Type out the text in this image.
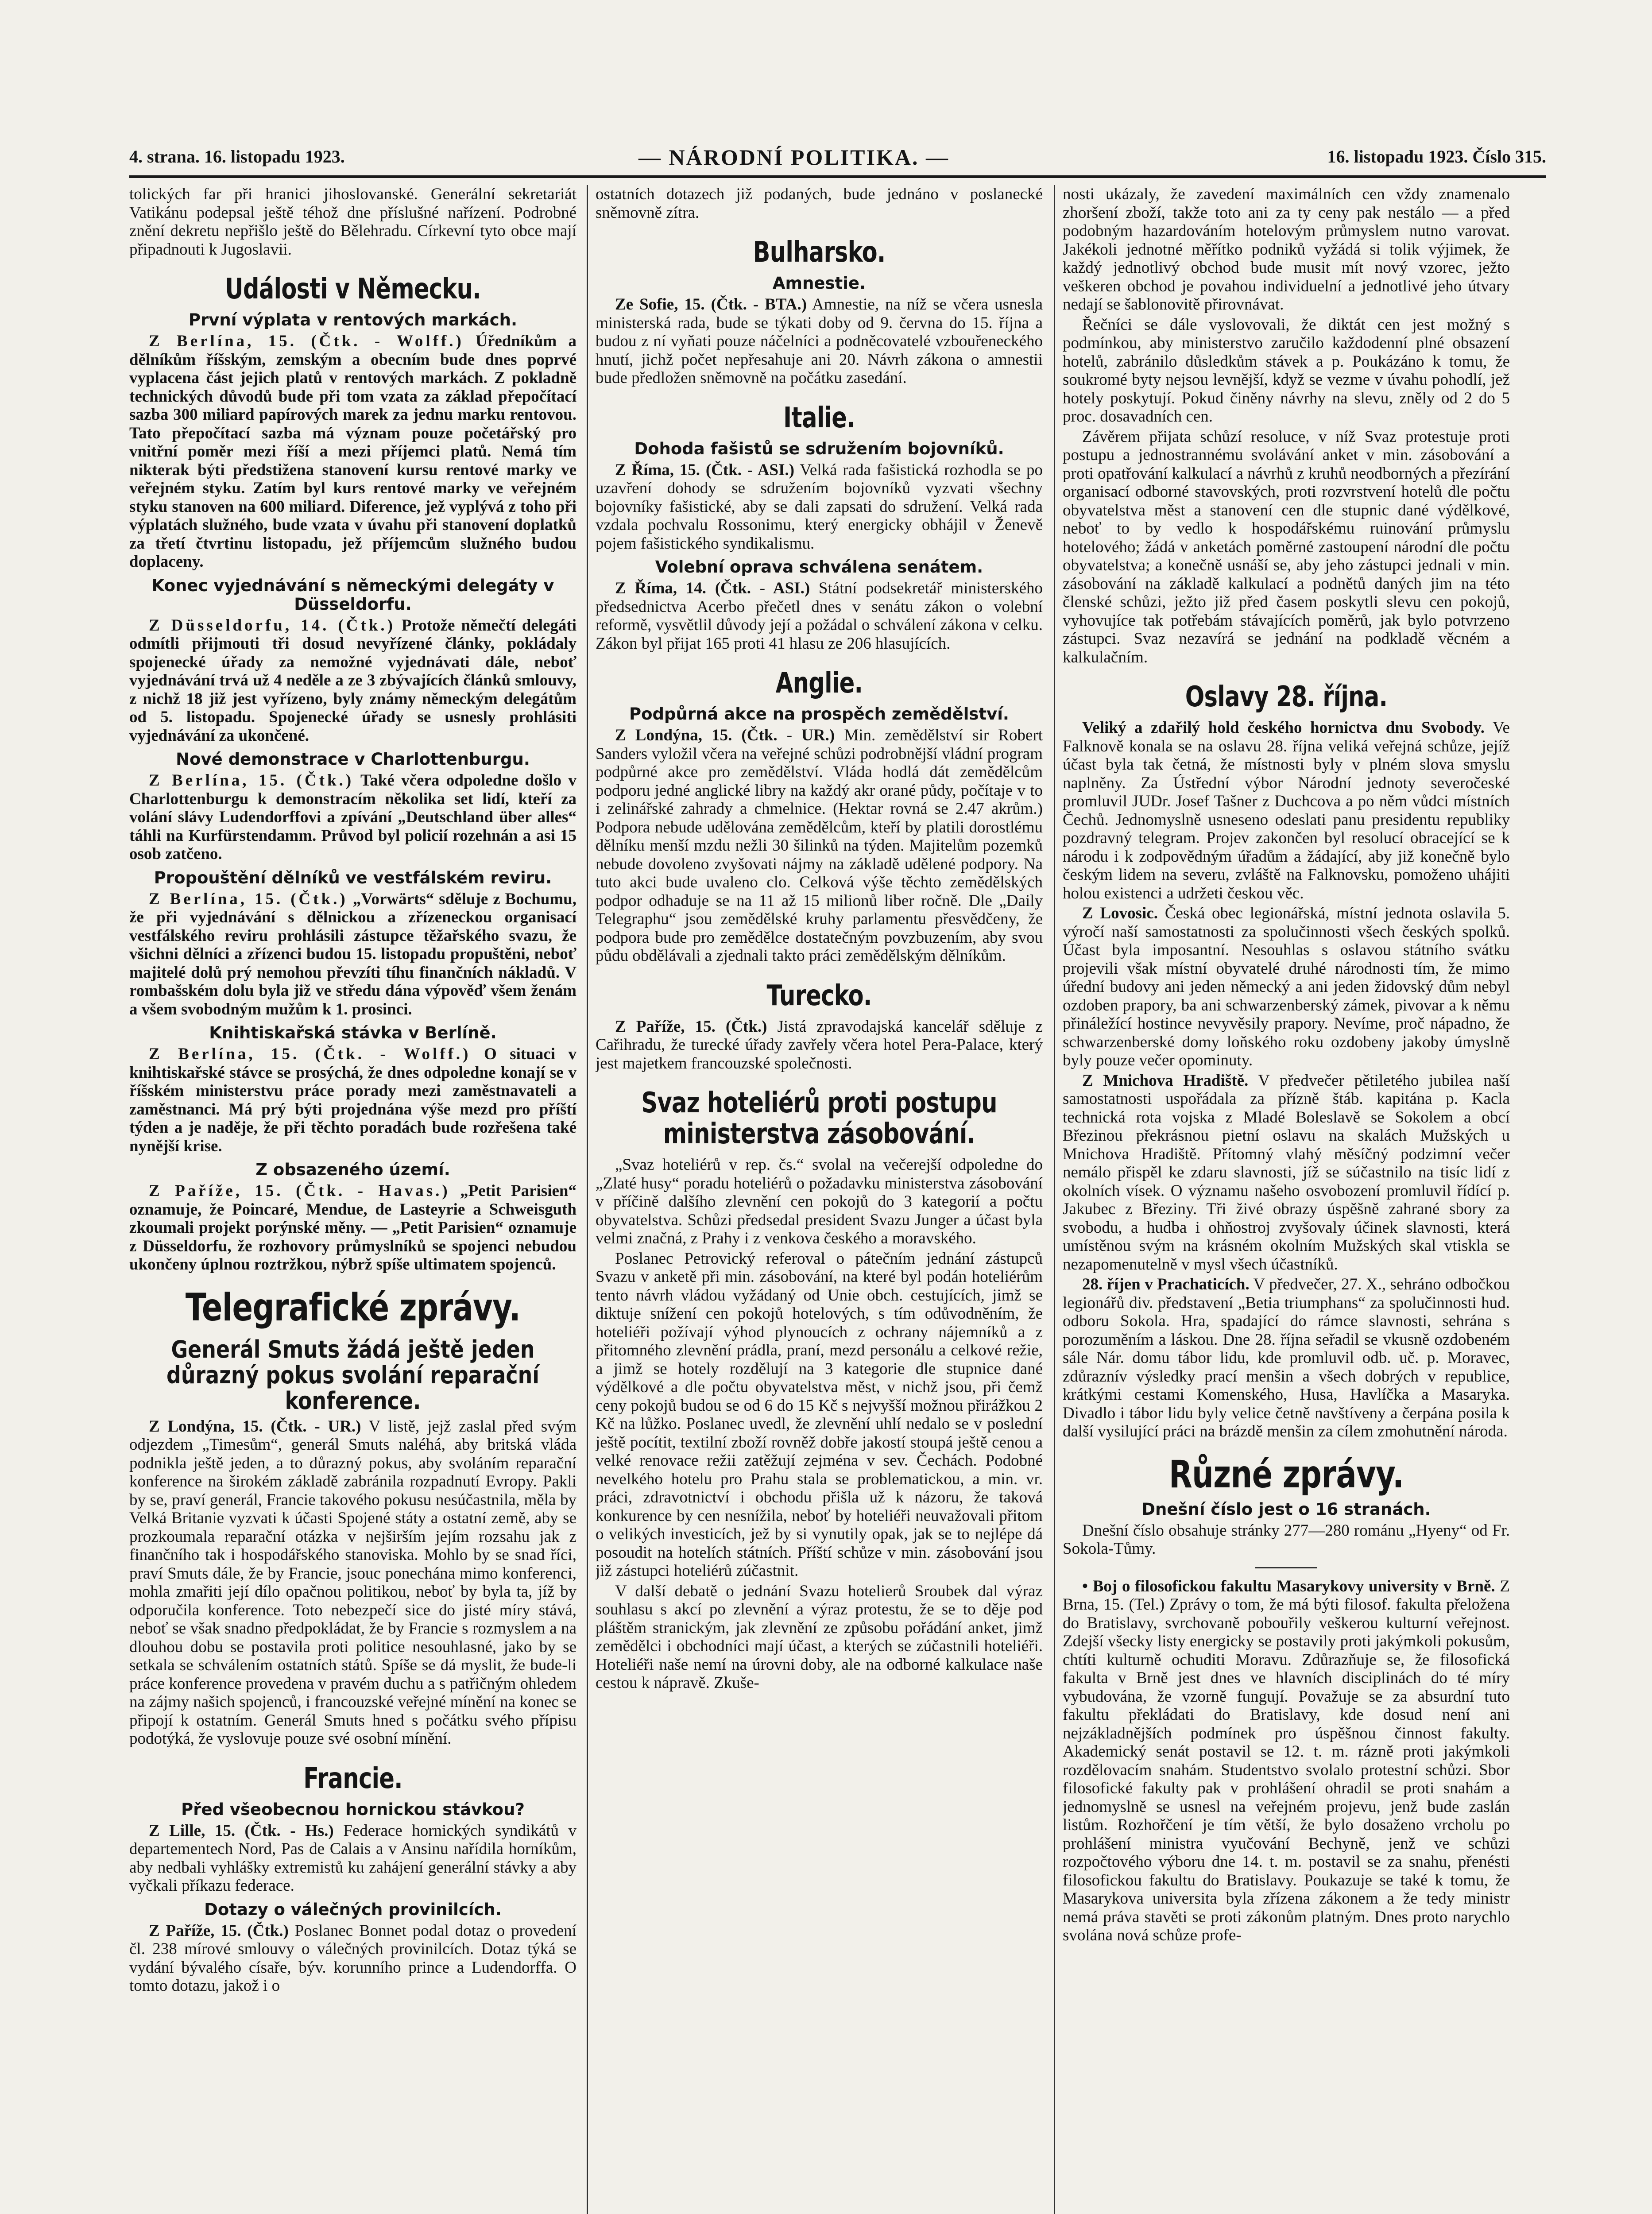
4. strana. 16. listopadu 1923.	— NÁRODNÍ POLITIKA. —	16. listopadu 1923. Číslo 315.

tolických far při hranici jihoslovanské. Generální sekretariát Vatikánu podepsal ještě téhož dne příslušné nařízení. Podrobné znění dekretu nepřišlo ještě do Bělehradu. Církevní tyto obce mají připadnouti k Jugoslavii.

Události v Německu.
První výplata v rentových markách.

Z Berlína, 15. (Čtk. - Wolff.) Úředníkům a dělníkům říšským, zemským a obecním bude dnes poprvé vyplacena část jejich platů v rentových markách. Z pokladně technických důvodů bude při tom vzata za základ přepočítací sazba 300 miliard papírových marek za jednu marku rentovou. Tato přepočítací sazba má význam pouze početářský pro vnitřní poměr mezi říší a mezi příjemci platů. Nemá tím nikterak býti předstižena stanovení kursu rentové marky ve veřejném styku. Zatím byl kurs rentové marky ve veřejném styku stanoven na 600 miliard. Diference, jež vyplývá z toho při výplatách služného, bude vzata v úvahu při stanovení doplatků za třetí čtvrtinu listopadu, jež příjemcům služného budou doplaceny.

Konec vyjednávání s německými delegáty v Düsseldorfu.

Z Düsseldorfu, 14. (Čtk.) Protože němečtí delegáti odmítli přijmouti tři dosud nevyřízené články, pokládaly spojenecké úřady za nemožné vyjednávati dále, neboť vyjednávání trvá už 4 neděle a ze 3 zbývajících článků smlouvy, z nichž 18 již jest vyřízeno, byly známy německým delegátům od 5. listopadu. Spojenecké úřady se usnesly prohlásiti vyjednávání za ukončené.

Nové demonstrace v Charlottenburgu.

Z Berlína, 15. (Čtk.) Také včera odpoledne došlo v Charlottenburgu k demonstracím několika set lidí, kteří za volání slávy Ludendorffovi a zpívání „Deutschland über alles“ táhli na Kurfürstendamm. Průvod byl policií rozehnán a asi 15 osob zatčeno.

Propouštění dělníků ve vestfálském reviru.

Z Berlína, 15. (Čtk.) „Vorwärts“ sděluje z Bochumu, že při vyjednávání s dělnickou a zřízeneckou organisací vestfálského reviru prohlásili zástupce těžařského svazu, že všichni dělníci a zřízenci budou 15. listopadu propuštěni, neboť majitelé dolů prý nemohou převzíti tíhu finančních nákladů. V rombašském dolu byla již ve středu dána výpověď všem ženám a všem svobodným mužům k 1. prosinci.

Knihtiskařská stávka v Berlíně.

Z Berlína, 15. (Čtk. - Wolff.) O situaci v knihtiskařské stávce se prosýchá, že dnes odpoledne konají se v říšském ministerstvu práce porady mezi zaměstnavateli a zaměstnanci. Má prý býti projednána výše mezd pro příští týden a je naděje, že při těchto poradách bude rozřešena také nynější krise.

Z obsazeného území.

Z Paříže, 15. (Čtk. - Havas.) „Petit Parisien“ oznamuje, že Poincaré, Mendue, de Lasteyrie a Schweisguth zkoumali projekt porýnské měny. — „Petit Parisien“ oznamuje z Düsseldorfu, že rozhovory průmyslníků se spojenci nebudou ukončeny úplnou roztržkou, nýbrž spíše ultimatem spojenců.

Telegrafické zprávy.
Generál Smuts žádá ještě jeden důrazný pokus svolání reparační konference.

Z Londýna, 15. (Čtk. - UR.) V listě, jejž zaslal před svým odjezdem „Timesům“, generál Smuts naléhá, aby britská vláda podnikla ještě jeden, a to důrazný pokus, aby svoláním reparační konference na širokém základě zabránila rozpadnutí Evropy. Pakli by se, praví generál, Francie takového pokusu nesúčastnila, měla by Velká Britanie vyzvati k účasti Spojené státy a ostatní země, aby se prozkoumala reparační otázka v nejširším jejím rozsahu jak z finančního tak i hospodářského stanoviska. Mohlo by se snad říci, praví Smuts dále, že by Francie, jsouc ponechána mimo konferenci, mohla zmařiti její dílo opačnou politikou, neboť by byla ta, jíž by odporučila konference. Toto nebezpečí sice do jisté míry stává, neboť se však snadno předpokládat, že by Francie s rozmyslem a na dlouhou dobu se postavila proti politice nesouhlasné, jako by se setkala se schválením ostatních států. Spíše se dá myslit, že bude-li práce konference provedena v pravém duchu a s patřičným ohledem na zájmy našich spojenců, i francouzské veřejné mínění na konec se připojí k ostatním. Generál Smuts hned s počátku svého přípisu podotýká, že vyslovuje pouze své osobní mínění.

Francie.
Před všeobecnou hornickou stávkou?

Z Lille, 15. (Čtk. - Hs.) Federace hornických syndikátů v departementech Nord, Pas de Calais a v Ansinu nařídila horníkům, aby nedbali vyhlášky extremistů ku zahájení generální stávky a aby vyčkali příkazu federace.

Dotazy o válečných provinilcích.

Z Paříže, 15. (Čtk.) Poslanec Bonnet podal dotaz o provedení čl. 238 mírové smlouvy o válečných provinilcích. Dotaz týká se vydání bývalého císaře, býv. korunního prince a Ludendorffa. O tomto dotazu, jakož i o

ostatních dotazech již podaných, bude jednáno v poslanecké sněmovně zítra.

Bulharsko.
Amnestie.

Ze Sofie, 15. (Čtk. - BTA.) Amnestie, na níž se včera usnesla ministerská rada, bude se týkati doby od 9. června do 15. října a budou z ní vyňati pouze náčelníci a podněcovatelé vzbouřeneckého hnutí, jichž počet nepřesahuje ani 20. Návrh zákona o amnestii bude předložen sněmovně na počátku zasedání.

Italie.
Dohoda fašistů se sdružením bojovníků.

Z Říma, 15. (Čtk. - ASI.) Velká rada fašistická rozhodla se po uzavření dohody se sdružením bojovníků vyzvati všechny bojovníky fašistické, aby se dali zapsati do sdružení. Velká rada vzdala pochvalu Rossonimu, který energicky obhájil v Ženevě pojem fašistického syndikalismu.

Volební oprava schválena senátem.

Z Říma, 14. (Čtk. - ASI.) Státní podsekretář ministerského předsednictva Acerbo přečetl dnes v senátu zákon o volební reformě, vysvětlil důvody její a požádal o schválení zákona v celku. Zákon byl přijat 165 proti 41 hlasu ze 206 hlasujících.

Anglie.
Podpůrná akce na prospěch zemědělství.

Z Londýna, 15. (Čtk. - UR.) Min. zemědělství sir Robert Sanders vyložil včera na veřejné schůzi podrobnější vládní program podpůrné akce pro zemědělství. Vláda hodlá dát zemědělcům podporu jedné anglické libry na každý akr orané půdy, počítaje v to i zelinářské zahrady a chmelnice. (Hektar rovná se 2.47 akrům.) Podpora nebude udělována zemědělcům, kteří by platili dorostlému dělníku menší mzdu nežli 30 šilinků na týden. Majitelům pozemků nebude dovoleno zvyšovati nájmy na základě udělené podpory. Na tuto akci bude uvaleno clo. Celková výše těchto zemědělských podpor odhaduje se na 11 až 15 milionů liber ročně. Dle „Daily Telegraphu“ jsou zemědělské kruhy parlamentu přesvědčeny, že podpora bude pro zemědělce dostatečným povzbuzením, aby svou půdu obdělávali a zjednali takto práci zemědělským dělníkům.

Turecko.

Z Paříže, 15. (Čtk.) Jistá zpravodajská kancelář sděluje z Cařihradu, že turecké úřady zavřely včera hotel Pera-Palace, který jest majetkem francouzské společnosti.

Svaz hoteliérů proti postupu ministerstva zásobování.

„Svaz hoteliérů v rep. čs.“ svolal na večerejší odpoledne do „Zlaté husy“ poradu hoteliérů o požadavku ministerstva zásobování v příčině dalšího zlevnění cen pokojů do 3 kategorií a počtu obyvatelstva. Schůzi předsedal president Svazu Junger a účast byla velmi značná, z Prahy i z venkova českého a moravského.

Poslanec Petrovický referoval o pátečním jednání zástupců Svazu v anketě při min. zásobování, na které byl podán hoteliérům tento návrh vládou vyžádaný od Unie obch. cestujících, jimž se diktuje snížení cen pokojů hotelových, s tím odůvodněním, že hoteliéři požívají výhod plynoucích z ochrany nájemníků a z přitomného zlevnění prádla, praní, mezd personálu a celkové režie, a jimž se hotely rozdělují na 3 kategorie dle stupnice dané výdělkové a dle počtu obyvatelstva měst, v nichž jsou, při čemž ceny pokojů budou se od 6 do 15 Kč s nejvyšší možnou přirážkou 2 Kč na lůžko. Poslanec uvedl, že zlevnění uhlí nedalo se v poslední ještě pocítit, textilní zboží rovněž dobře jakostí stoupá ještě cenou a velké renovace režii zatěžují zejména v sev. Čechách. Podobné nevelkého hotelu pro Prahu stala se problematickou, a min. vr. práci, zdravotnictví i obchodu přišla už k názoru, že taková konkurence by cen nesnížila, neboť by hoteliéři neuvažovali přitom o velikých investicích, jež by si vynutily opak, jak se to nejlépe dá posoudit na hotelích státních. Příští schůze v min. zásobování jsou již zástupci hoteliérů zúčastnit.

V další debatě o jednání Svazu hotelierů Sroubek dal výraz souhlasu s akcí po zlevnění a výraz protestu, že se to děje pod pláštěm stranickým, jak zlevnění ze způsobu pořádání anket, jimž zemědělci i obchodníci mají účast, a kterých se zúčastnili hoteliéři. Hoteliéři naše nemí na úrovni doby, ale na odborné kalkulace naše cestou k nápravě. Zkuše-

nosti ukázaly, že zavedení maximálních cen vždy znamenalo zhoršení zboží, takže toto ani za ty ceny pak nestálo — a před podobným hazardováním hotelovým průmyslem nutno varovat. Jakékoli jednotné měřítko podniků vyžádá si tolik výjimek, že každý jednotlivý obchod bude musit mít nový vzorec, ježto veškeren obchod je povahou individuelní a jednotlivé jeho útvary nedají se šablonovitě přirovnávat.

Řečníci se dále vyslovovali, že diktát cen jest možný s podmínkou, aby ministerstvo zaručilo každodenní plné obsazení hotelů, zabránilo důsledkům stávek a p. Poukázáno k tomu, že soukromé byty nejsou levnější, když se vezme v úvahu pohodlí, jež hotely poskytují. Pokud činěny návrhy na slevu, zněly od 2 do 5 proc. dosavadních cen.

Závěrem přijata schůzí resoluce, v níž Svaz protestuje proti postupu a jednostrannému svolávání anket v min. zásobování a proti opatřování kalkulací a návrhů z kruhů neodborných a přezírání organisací odborné stavovských, proti rozvrstvení hotelů dle počtu obyvatelstva měst a stanovení cen dle stupnic dané výdělkové, neboť to by vedlo k hospodářskému ruinování průmyslu hotelového; žádá v anketách poměrné zastoupení národní dle počtu obyvatelstva; a konečně usnáší se, aby jeho zástupci jednali v min. zásobování na základě kalkulací a podnětů daných jim na této členské schůzi, ježto již před časem poskytli slevu cen pokojů, vyhovujíce tak potřebám stávajících poměrů, jak bylo potvrzeno zástupci. Svaz nezavírá se jednání na podkladě věcném a kalkulačním.

Oslavy 28. října.

Veliký a zdařilý hold českého hornictva dnu Svobody. Ve Falknově konala se na oslavu 28. října veliká veřejná schůze, jejíž účast byla tak četná, že místnosti byly v plném slova smyslu naplněny. Za Ústřední výbor Národní jednoty severočeské promluvil JUDr. Josef Tašner z Duchcova a po něm vůdci místních Čechů. Jednomyslně usneseno odeslati panu presidentu republiky pozdravný telegram. Projev zakončen byl resolucí obracející se k národu i k zodpovědným úřadům a žádající, aby již konečně bylo českým lidem na severu, zvláště na Falknovsku, pomoženo uhájiti holou existenci a udržeti českou věc.

Z Lovosic. Česká obec legionářská, místní jednota oslavila 5. výročí naší samostatnosti za spolučinnosti všech českých spolků. Účast byla imposantní. Nesouhlas s oslavou státního svátku projevili však místní obyvatelé druhé národnosti tím, že mimo úřední budovy ani jeden německý a ani jeden židovský dům nebyl ozdoben prapory, ba ani schwarzenberský zámek, pivovar a k němu přináležící hostince nevyvěsily prapory. Nevíme, proč nápadno, že schwarzenberské domy loňského roku ozdobeny jakoby úmyslně byly pouze večer opominuty.

Z Mnichova Hradiště. V předvečer pětiletého jubilea naší samostatnosti uspořádala za přízně štáb. kapitána p. Kacla technická rota vojska z Mladé Boleslavě se Sokolem a obcí Březinou překrásnou pietní oslavu na skalách Mužských u Mnichova Hradiště. Přítomný vlahý měsíčný podzimní večer nemálo přispěl ke zdaru slavnosti, jíž se súčastnilo na tisíc lidí z okolních vísek. O významu našeho osvobození promluvil řídící p. Jakubec z Březiny. Tři živé obrazy úspěšně zahrané sbory za svobodu, a hudba i ohňostroj zvyšovaly účinek slavnosti, která umístěnou svým na krásném okolním Mužských skal vtiskla se nezapomenutelně v mysl všech účastníků.

28. říjen v Prachaticích. V předvečer, 27. X., sehráno odbočkou legionářů div. představení „Betia triumphans“ za spolučinnosti hud. odboru Sokola. Hra, spadající do rámce slavnosti, sehrána s porozuměním a láskou. Dne 28. října seřadil se vkusně ozdobeném sále Nár. domu tábor lidu, kde promluvil odb. uč. p. Moravec, zdůraznív výsledky prací menšin a všech dobrých v republice, krátkými cestami Komenského, Husa, Havlíčka a Masaryka. Divadlo i tábor lidu byly velice četně navštíveny a čerpána posila k další vysilující práci na brázdě menšin za cílem zmohutnění národa.

Různé zprávy.
Dnešní číslo jest o 16 stranách.

Dnešní číslo obsahuje stránky 277—280 románu „Hyeny“ od Fr. Sokola-Tůmy.

• Boj o filosofickou fakultu Masarykovy university v Brně. Z Brna, 15. (Tel.) Zprávy o tom, že má býti filosof. fakulta přeložena do Bratislavy, svrchovaně pobouřily veškerou kulturní veřejnost. Zdejší všecky listy energicky se postavily proti jakýmkoli pokusům, chtíti kulturně ochuditi Moravu. Zdůrazňuje se, že filosofická fakulta v Brně jest dnes ve hlavních disciplinách do té míry vybudována, že vzorně fungují. Považuje se za absurdní tuto fakultu překládati do Bratislavy, kde dosud není ani nejzákladnějších podmínek pro úspěšnou činnost fakulty. Akademický senát postavil se 12. t. m. rázně proti jakýmkoli rozdělovacím snahám. Studentstvo svolalo protestní schůzi. Sbor filosofické fakulty pak v prohlášení ohradil se proti snahám a jednomyslně se usnesl na veřejném projevu, jenž bude zaslán listům. Rozhořčení je tím větší, že bylo dosaženo vrcholu po prohlášení ministra vyučování Bechyně, jenž ve schůzi rozpočtového výboru dne 14. t. m. postavil se za snahu, přenésti filosofickou fakultu do Bratislavy. Poukazuje se také k tomu, že Masarykova universita byla zřízena zákonem a že tedy ministr nemá práva stavěti se proti zákonům platným. Dnes proto narychlo svolána nová schůze profe-
